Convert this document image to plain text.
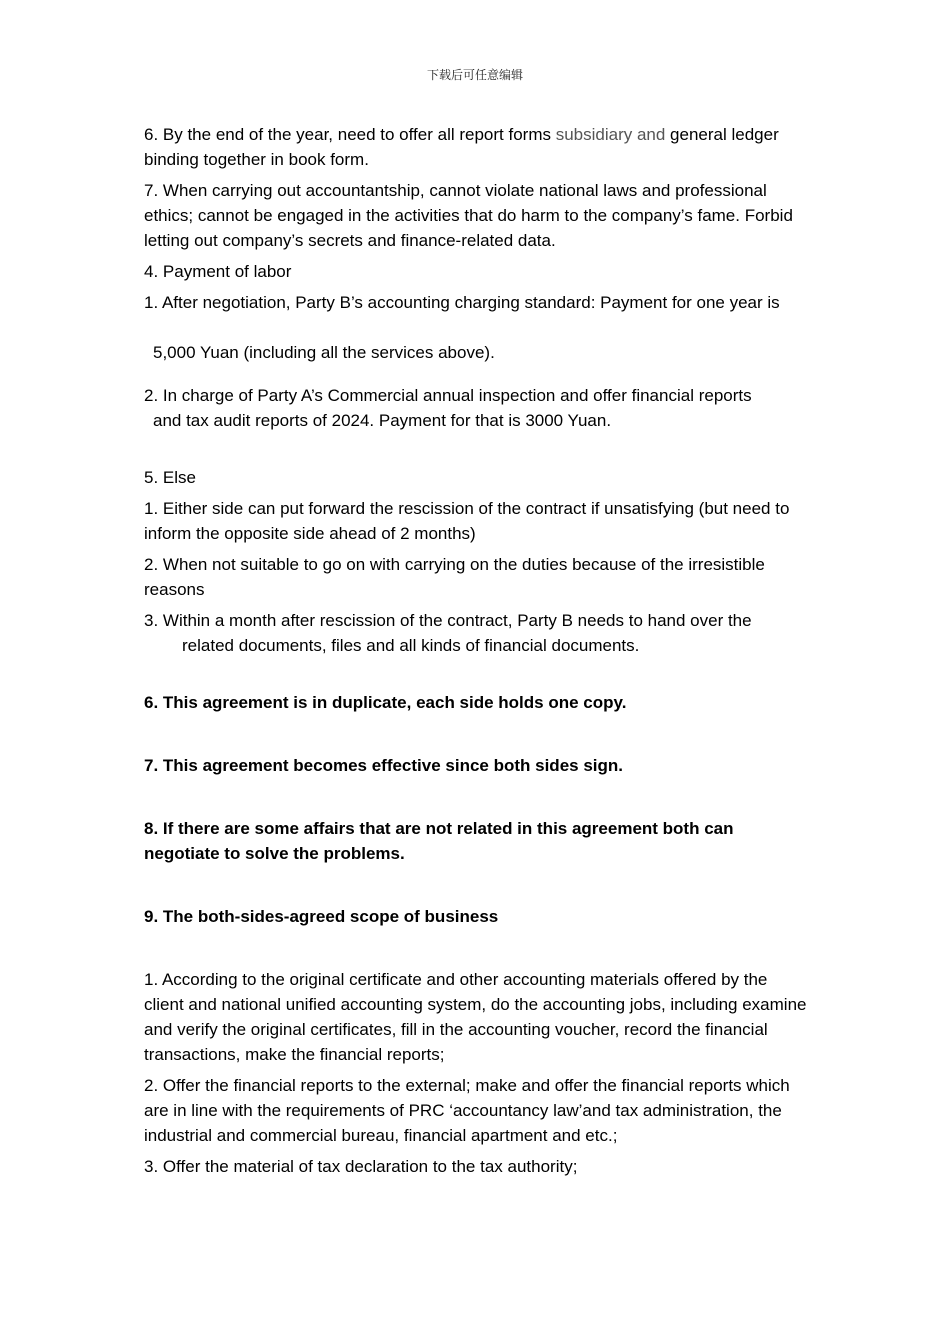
下载后可任意编辑

6. By the end of the year, need to offer all report forms subsidiary and general ledger binding together in book form.

7. When carrying out accountantship, cannot violate national laws and professional ethics; cannot be engaged in the activities that do harm to the company’s fame. Forbid letting out company’s secrets and finance-related data.

4. Payment of labor

1. After negotiation, Party B’s accounting charging standard: Payment for one year is

5,000 Yuan (including all the services above).

2. In charge of Party A’s Commercial annual inspection and offer financial reports

and tax audit reports of 2024. Payment for that is 3000 Yuan.

5. Else

1. Either side can put forward the rescission of the contract if unsatisfying (but need to inform the opposite side ahead of 2 months)

2. When not suitable to go on with carrying on the duties because of the irresistible reasons

3. Within a month after rescission of the contract, Party B needs to hand over the

related documents, files and all kinds of financial documents.

6. This agreement is in duplicate, each side holds one copy.

7. This agreement becomes effective since both sides sign.

8. If there are some affairs that are not related in this agreement both can negotiate to solve the problems.

9. The both-sides-agreed scope of business

1. According to the original certificate and other accounting materials offered by the client and national unified accounting system, do the accounting jobs, including examine and verify the original certificates, fill in the accounting voucher, record the financial transactions, make the financial reports;

2. Offer the financial reports to the external; make and offer the financial reports which are in line with the requirements of PRC ‘accountancy law’and tax administration, the industrial and commercial bureau, financial apartment and etc.;

3. Offer the material of tax declaration to the tax authority;
